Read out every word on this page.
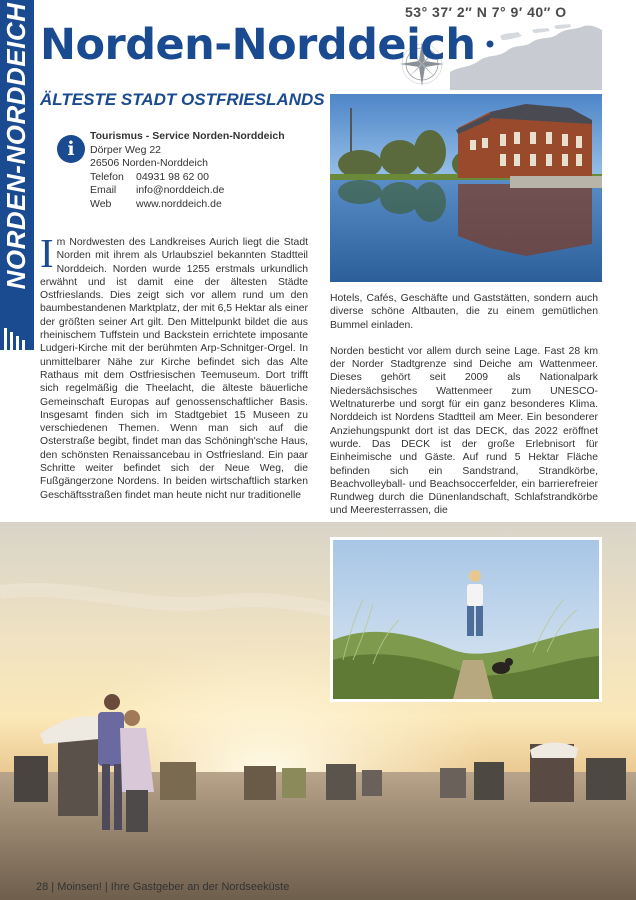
NORDEN-NORDDEICH	53° 37′ 2″ N 7° 9′ 40″ O
Norden-Norddeich
ÄLTESTE STADT OSTFRIESLANDS
i
Tourismus - Service Norden-Norddeich
Dörper Weg 22
26506 Norden-Norddeich
Telefon	04931 98 62 00
Email	info@norddeich.de
Web	www.norddeich.de
Im Nordwesten des Landkreises Aurich liegt die Stadt Norden mit ihrem als Urlaubsziel bekannten Stadtteil Norddeich. Norden wurde 1255 erstmals urkundlich erwähnt und ist damit eine der ältesten Städte Ostfrieslands. Dies zeigt sich vor allem rund um den baumbestandenen Marktplatz, der mit 6,5 Hektar als einer der größten seiner Art gilt. Den Mittelpunkt bildet die aus rheinischem Tuffstein und Backstein errichtete imposante Ludgeri-Kirche mit der berühmten Arp-Schnitger-Orgel. In unmittelbarer Nähe zur Kirche befindet sich das Alte Rathaus mit dem Ostfriesischen Teemuseum. Dort trifft sich regelmäßig die Theelacht, die älteste bäuerliche Gemeinschaft Europas auf genossenschaftlicher Basis. Insgesamt finden sich im Stadtgebiet 15 Museen zu verschiedenen Themen. Wenn man sich auf die Osterstraße begibt, findet man das Schöningh'sche Haus, den schönsten Renaissancebau in Ostfriesland. Ein paar Schritte weiter befindet sich der Neue Weg, die Fußgängerzone Nordens. In beiden wirtschaftlich starken Geschäftsstraßen findet man heute nicht nur traditionelle

Hotels, Cafés, Geschäfte und Gaststätten, sondern auch diverse schöne Altbauten, die zu einem gemütlichen Bummel einladen.

Norden besticht vor allem durch seine Lage. Fast 28 km der Norder Stadtgrenze sind Deiche am Wattenmeer. Dieses gehört seit 2009 als Nationalpark Niedersächsisches Wattenmeer zum UNESCO-Weltnaturerbe und sorgt für ein ganz besonderes Klima. Norddeich ist Nordens Stadtteil am Meer. Ein besonderer Anziehungspunkt dort ist das DECK, das 2022 eröffnet wurde. Das DECK ist der große Erlebnisort für Einheimische und Gäste. Auf rund 5 Hektar Fläche befinden sich ein Sandstrand, Strandkörbe, Beachvolleyball- und Beachsoccerfelder, ein barrierefreier Rundweg durch die Dünenlandschaft, Schlafstrandkörbe und Meeresterrassen, die

28 | Moinsen! | Ihre Gastgeber an der Nordseeküste
